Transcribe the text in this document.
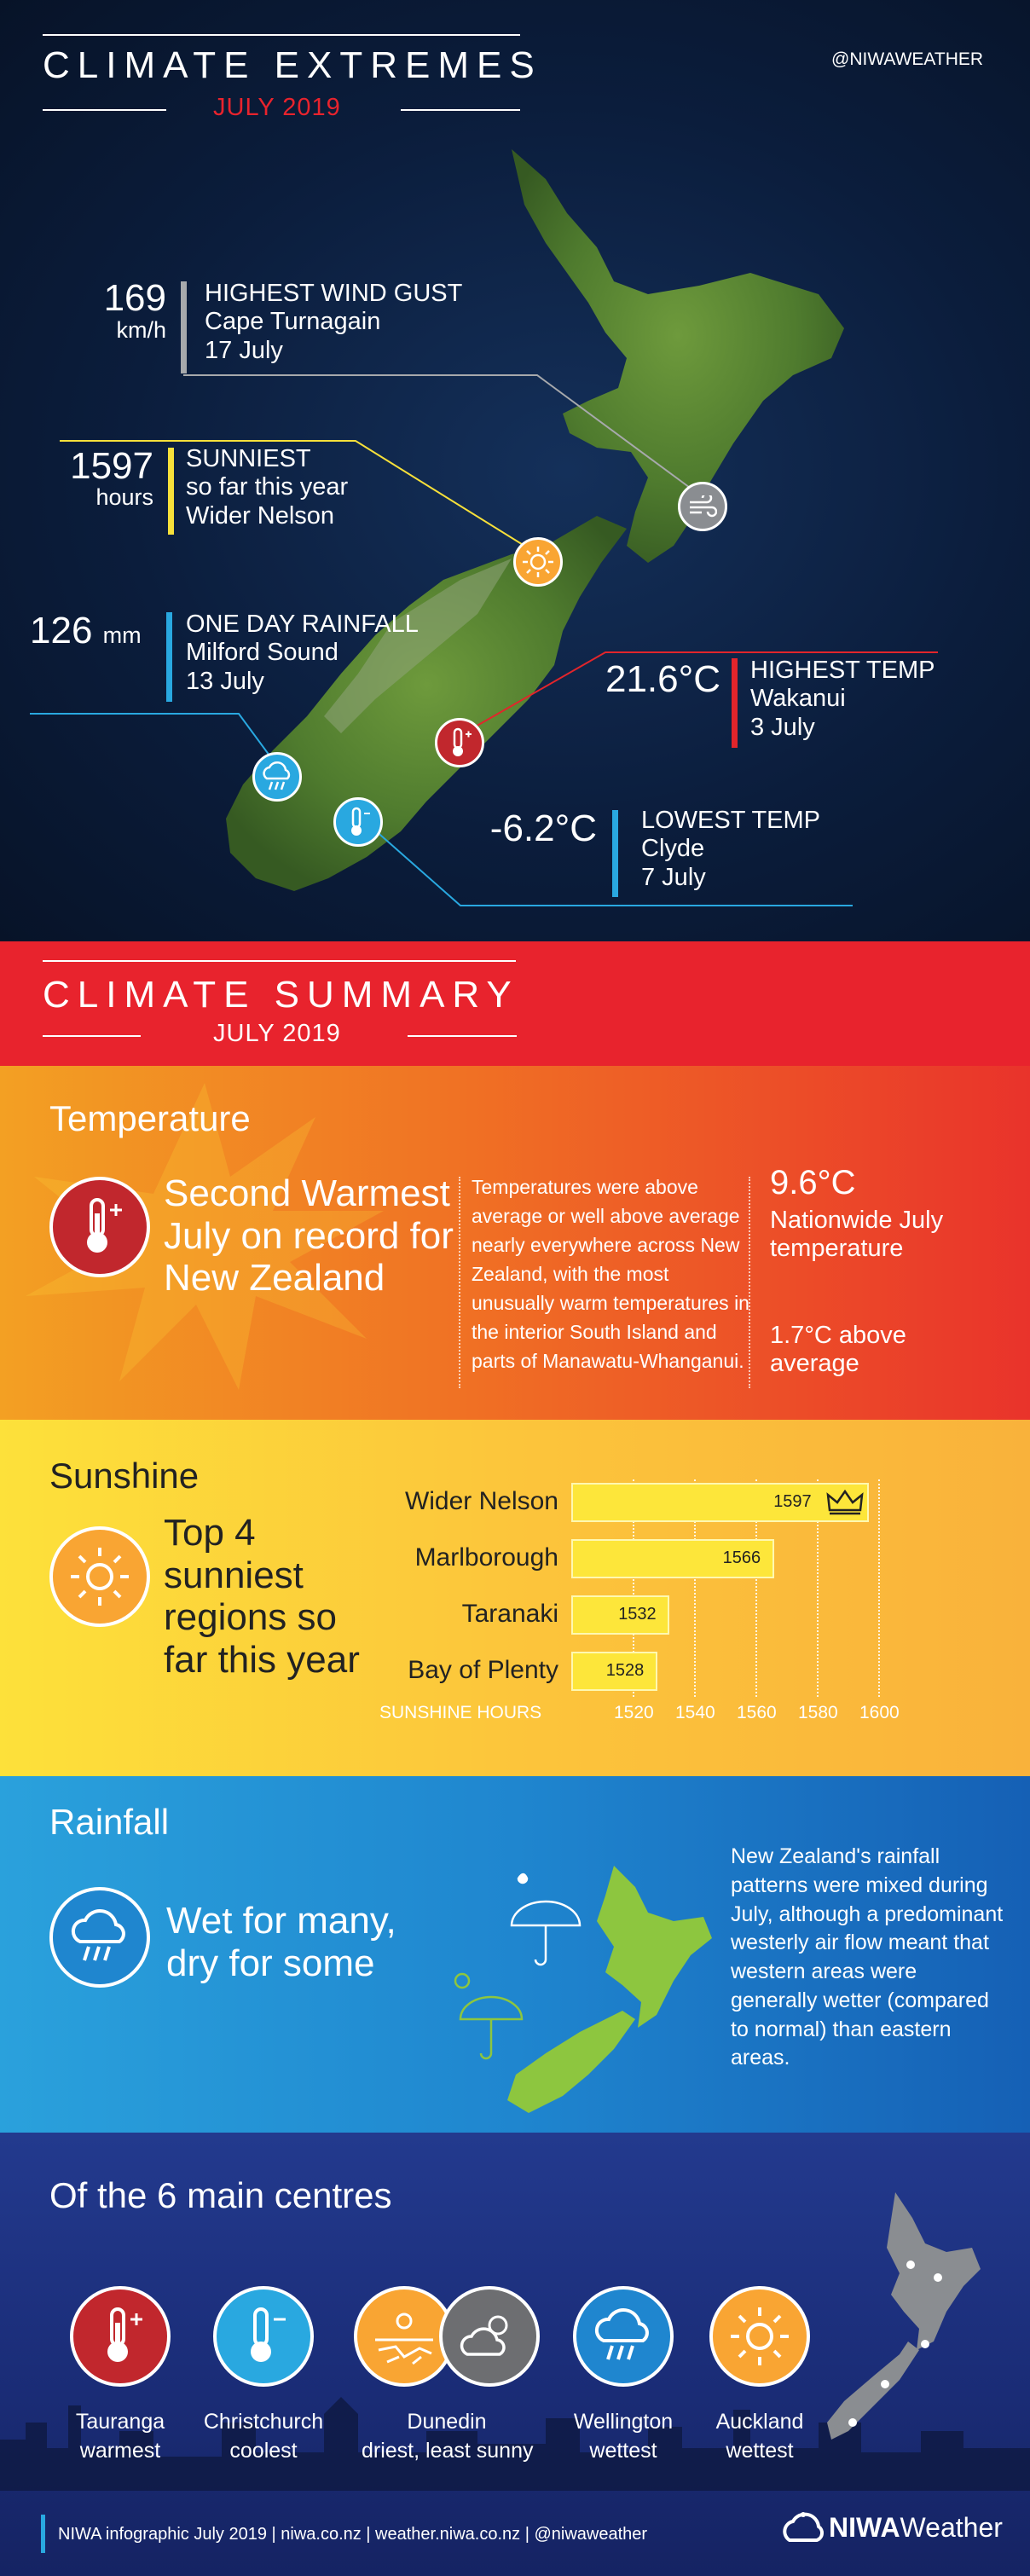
CLIMATE EXTREMES
JULY 2019
@NIWAWEATHER
169
km/h
HIGHEST WIND GUST
Cape Turnagain
17 July
1597
hours
SUNNIEST
so far this year
Wider Nelson
126 mm ONE DAY RAINFALL
Milford Sound
13 July	21.6°C HIGHEST TEMP
Wakanui
3 July
-6.2°C LOWEST TEMP
Clyde
7 July
CLIMATE SUMMARY
JULY 2019
Temperature
Second Warmest July on record for New Zealand
Temperatures were above average or well above average nearly everywhere across New Zealand, with the most unusually warm temperatures in the interior South Island and parts of Manawatu-Whanganui.
9.6°C
Nationwide July temperature
1.7°C above average
Sunshine
Top 4 sunniest regions so far this year
1520 1540 1560 1580 1600
1597
Wider Nelson
1566
Marlborough
1532
Taranaki
1528
Bay of Plenty
SUNSHINE HOURS
Rainfall
Wet for many, dry for some
New Zealand's rainfall patterns were mixed during July, although a predominant westerly air flow meant that western areas were generally wetter (compared to normal) than eastern areas.
Of the 6 main centres
Tauranga
warmest
Christchurch
coolest
Dunedin
driest, least sunny
Wellington
wettest
Auckland
wettest
NIWA infographic July 2019 | niwa.co.nz | weather.niwa.co.nz | @niwaweather	NIWA Weather
